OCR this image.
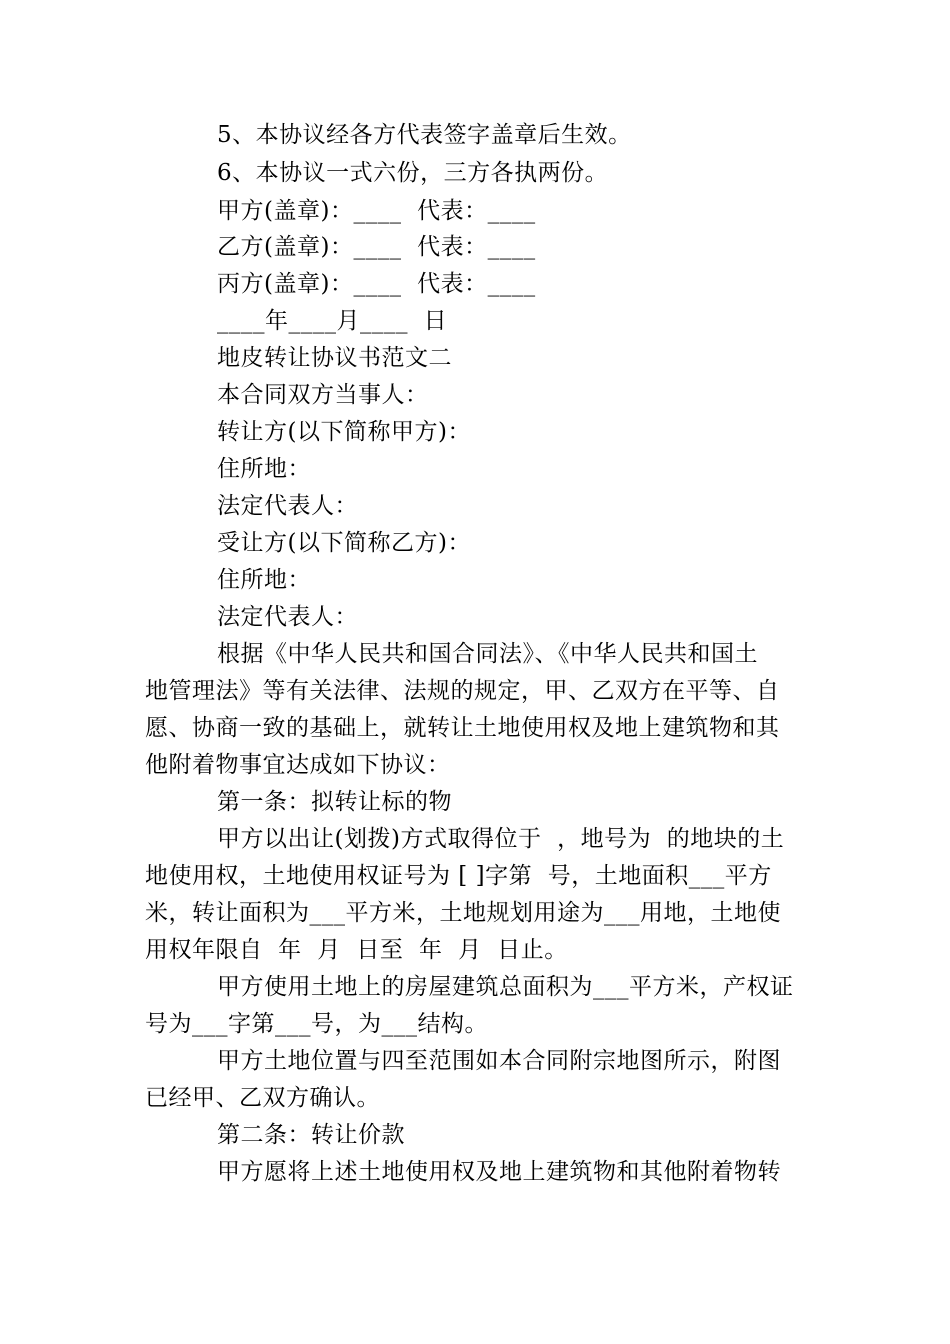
5、本协议经各方代表签字盖章后生效。
6、本协议一式六份，三方各执两份。
甲方(盖章)：____  代表：____
乙方(盖章)：____  代表：____
丙方(盖章)：____  代表：____
____年____月____  日
地皮转让协议书范文二
本合同双方当事人：
转让方(以下简称甲方)：
住所地：
法定代表人：
受让方(以下简称乙方)：
住所地：
法定代表人：
根据《中华人民共和国合同法》、《中华人民共和国土
地管理法》等有关法律、法规的规定，甲、乙双方在平等、自
愿、协商一致的基础上，就转让土地使用权及地上建筑物和其
他附着物事宜达成如下协议：
第一条：拟转让标的物
甲方以出让(划拨)方式取得位于  ，地号为  的地块的土
地使用权，土地使用权证号为 [ ]字第  号，土地面积___平方
米，转让面积为___平方米，土地规划用途为___用地，土地使
用权年限自  年  月  日至  年  月  日止。
甲方使用土地上的房屋建筑总面积为___平方米，产权证
号为___字第___号，为___结构。
甲方土地位置与四至范围如本合同附宗地图所示，附图
已经甲、乙双方确认。
第二条：转让价款
甲方愿将上述土地使用权及地上建筑物和其他附着物转
